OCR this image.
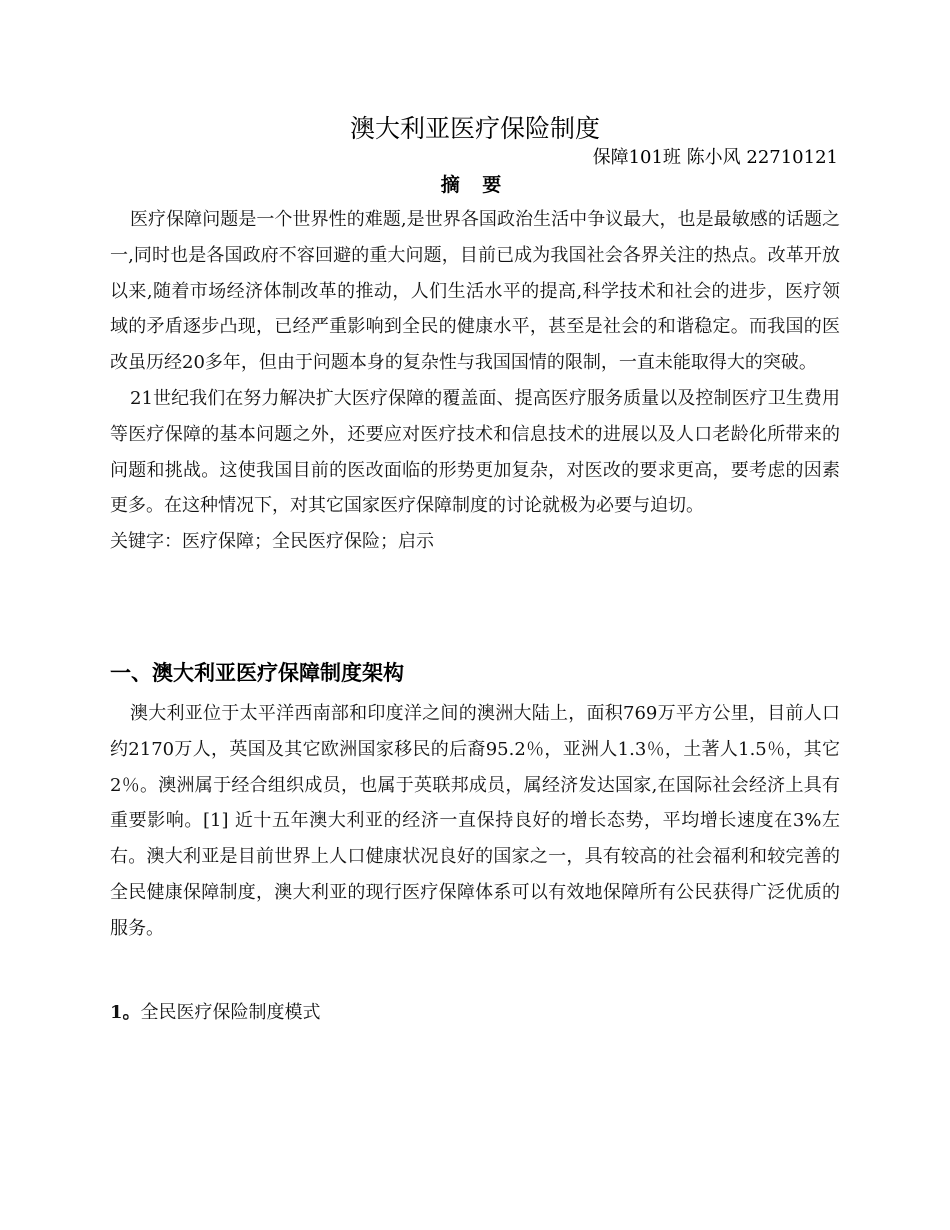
澳大利亚医疗保险制度
保障101班 陈小风 22710121
摘 要

医疗保障问题是一个世界性的难题,是世界各国政治生活中争议最大，也是最敏感的话题之一,同时也是各国政府不容回避的重大问题，目前已成为我国社会各界关注的热点。改革开放以来,随着市场经济体制改革的推动，人们生活水平的提高,科学技术和社会的进步，医疗领域的矛盾逐步凸现，已经严重影响到全民的健康水平，甚至是社会的和谐稳定。而我国的医改虽历经20多年，但由于问题本身的复杂性与我国国情的限制，一直未能取得大的突破。

21世纪我们在努力解决扩大医疗保障的覆盖面、提高医疗服务质量以及控制医疗卫生费用等医疗保障的基本问题之外，还要应对医疗技术和信息技术的进展以及人口老龄化所带来的问题和挑战。这使我国目前的医改面临的形势更加复杂，对医改的要求更高，要考虑的因素更多。在这种情况下，对其它国家医疗保障制度的讨论就极为必要与迫切。

关键字：医疗保障；全民医疗保险；启示

一、澳大利亚医疗保障制度架构

澳大利亚位于太平洋西南部和印度洋之间的澳洲大陆上，面积769万平方公里，目前人口约2170万人，英国及其它欧洲国家移民的后裔95.2％，亚洲人1.3％，土著人1.5％，其它2％。澳洲属于经合组织成员，也属于英联邦成员，属经济发达国家,在国际社会经济上具有重要影响。[1] 近十五年澳大利亚的经济一直保持良好的增长态势，平均增长速度在3%左右。澳大利亚是目前世界上人口健康状况良好的国家之一，具有较高的社会福利和较完善的全民健康保障制度，澳大利亚的现行医疗保障体系可以有效地保障所有公民获得广泛优质的服务。

1。全民医疗保险制度模式
